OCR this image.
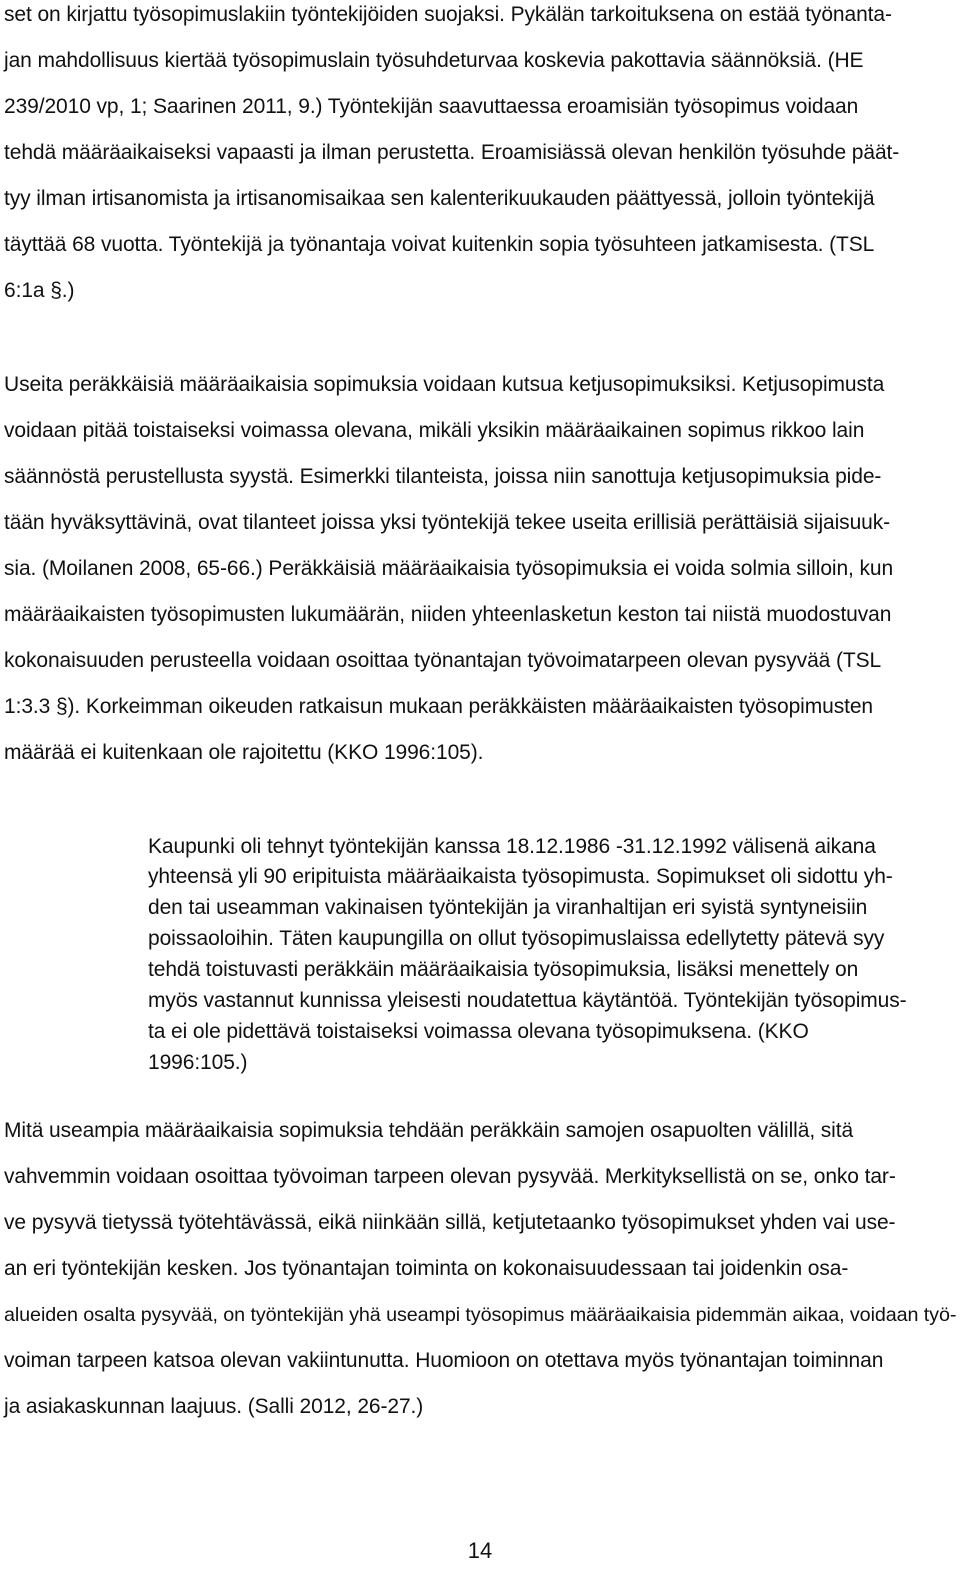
set on kirjattu työsopimuslakiin työntekijöiden suojaksi. Pykälän tarkoituksena on estää työnanta-
jan mahdollisuus kiertää työsopimuslain työsuhdeturvaa koskevia pakottavia säännöksiä. (HE
239/2010 vp, 1; Saarinen 2011, 9.) Työntekijän saavuttaessa eroamisiän työsopimus voidaan
tehdä määräaikaiseksi vapaasti ja ilman perustetta. Eroamisiässä olevan henkilön työsuhde päät-
tyy ilman irtisanomista ja irtisanomisaikaa sen kalenterikuukauden päättyessä, jolloin työntekijä
täyttää 68 vuotta. Työntekijä ja työnantaja voivat kuitenkin sopia työsuhteen jatkamisesta. (TSL
6:1a §.)
Useita peräkkäisiä määräaikaisia sopimuksia voidaan kutsua ketjusopimuksiksi. Ketjusopimusta
voidaan pitää toistaiseksi voimassa olevana, mikäli yksikin määräaikainen sopimus rikkoo lain
säännöstä perustellusta syystä. Esimerkki tilanteista, joissa niin sanottuja ketjusopimuksia pide-
tään hyväksyttävinä, ovat tilanteet joissa yksi työntekijä tekee useita erillisiä perättäisiä sijaisuuk-
sia. (Moilanen 2008, 65-66.) Peräkkäisiä määräaikaisia työsopimuksia ei voida solmia silloin, kun
määräaikaisten työsopimusten lukumäärän, niiden yhteenlasketun keston tai niistä muodostuvan
kokonaisuuden perusteella voidaan osoittaa työnantajan työvoimatarpeen olevan pysyvää (TSL
1:3.3 §). Korkeimman oikeuden ratkaisun mukaan peräkkäisten määräaikaisten työsopimusten
määrää ei kuitenkaan ole rajoitettu (KKO 1996:105).
Kaupunki oli tehnyt työntekijän kanssa 18.12.1986 -31.12.1992 välisenä aikana
yhteensä yli 90 eripituista määräaikaista työsopimusta. Sopimukset oli sidottu yh-
den tai useamman vakinaisen työntekijän ja viranhaltijan eri syistä syntyneisiin
poissaoloihin. Täten kaupungilla on ollut työsopimuslaissa edellytetty pätevä syy
tehdä toistuvasti peräkkäin määräaikaisia työsopimuksia, lisäksi menettely on
myös vastannut kunnissa yleisesti noudatettua käytäntöä. Työntekijän työsopimus-
ta ei ole pidettävä toistaiseksi voimassa olevana työsopimuksena. (KKO
1996:105.)
Mitä useampia määräaikaisia sopimuksia tehdään peräkkäin samojen osapuolten välillä, sitä
vahvemmin voidaan osoittaa työvoiman tarpeen olevan pysyvää. Merkityksellistä on se, onko tar-
ve pysyvä tietyssä työtehtävässä, eikä niinkään sillä, ketjutetaanko työsopimukset yhden vai use-
an eri työntekijän kesken. Jos työnantajan toiminta on kokonaisuudessaan tai joidenkin osa-
alueiden osalta pysyvää, on työntekijän yhä useampi työsopimus määräaikaisia pidemmän aikaa, voidaan työ-
voiman tarpeen katsoa olevan vakiintunutta. Huomioon on otettava myös työnantajan toiminnan
ja asiakaskunnan laajuus. (Salli 2012, 26-27.)
14
